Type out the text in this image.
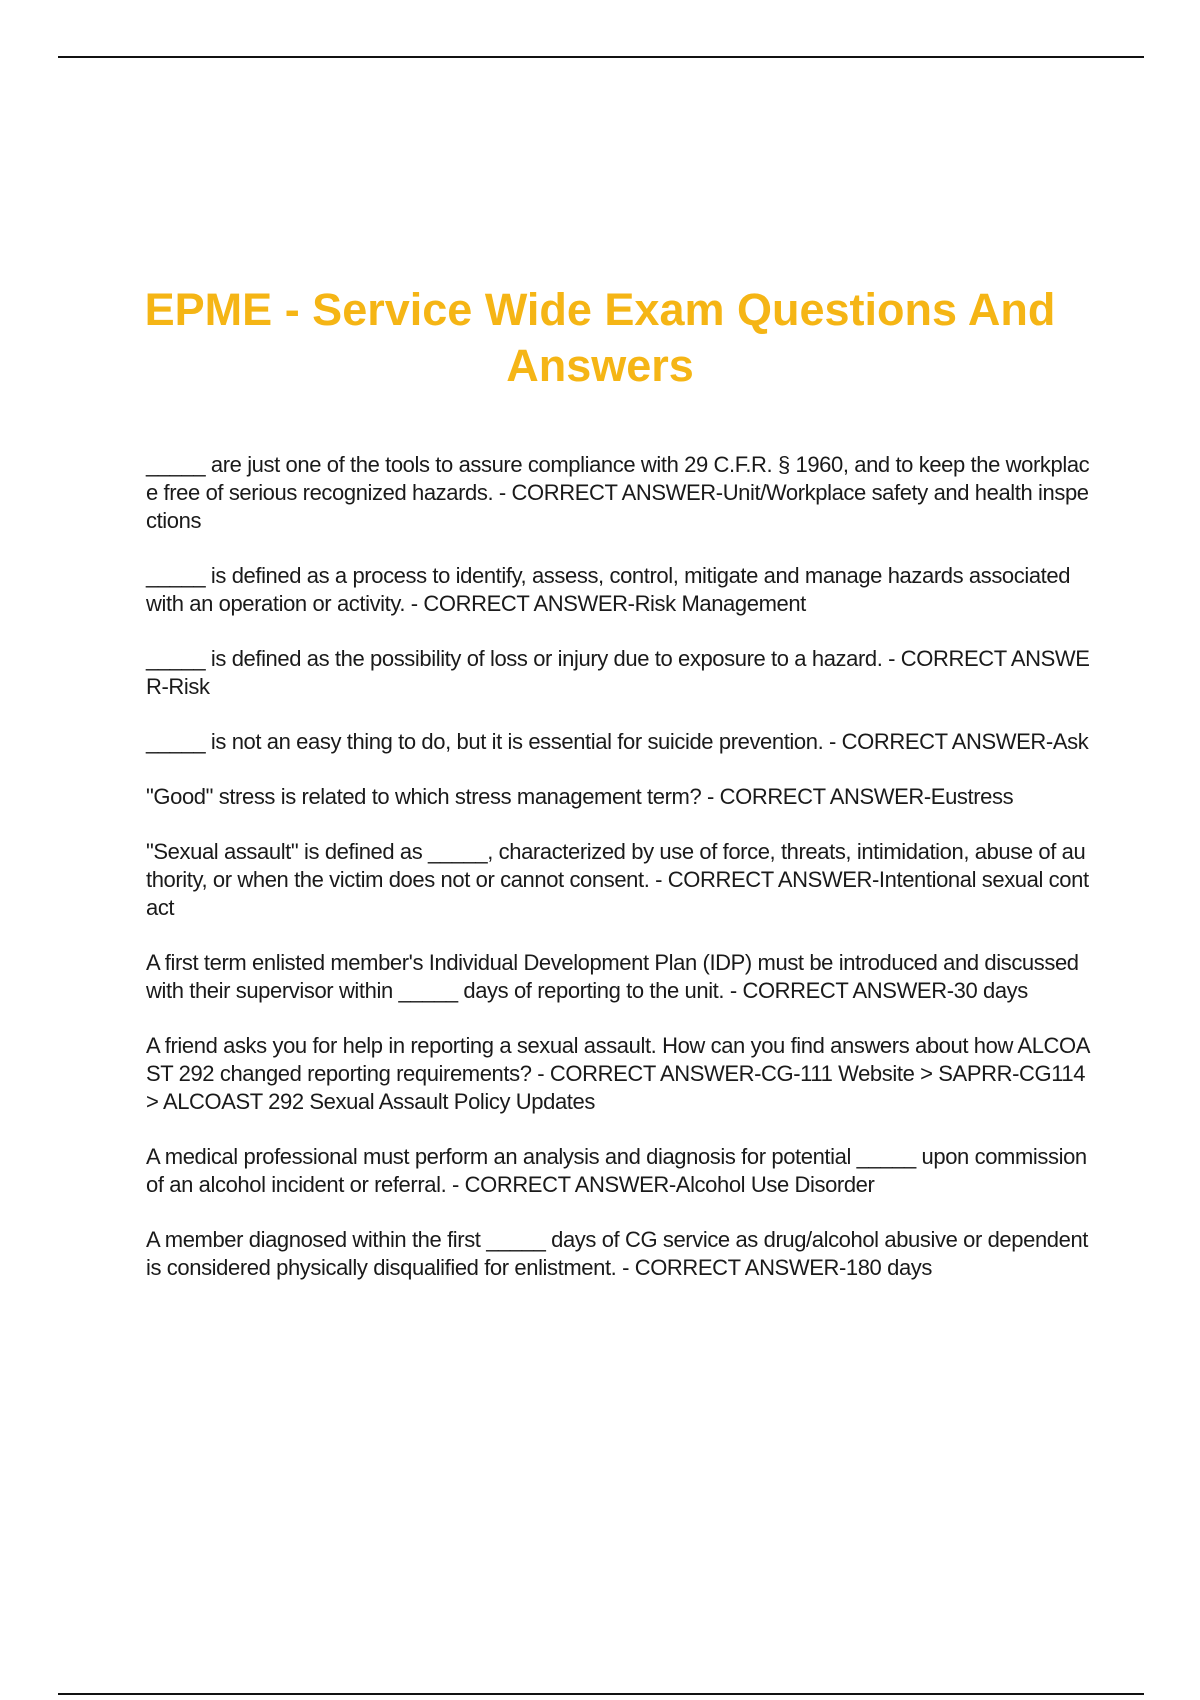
EPME - Service Wide Exam Questions And Answers

_____ are just one of the tools to assure compliance with 29 C.F.R. § 1960, and to keep the workplace free of serious recognized hazards. - CORRECT ANSWER-Unit/Workplace safety and health inspections

_____ is defined as a process to identify, assess, control, mitigate and manage hazards associated with an operation or activity. - CORRECT ANSWER-Risk Management

_____ is defined as the possibility of loss or injury due to exposure to a hazard. - CORRECT ANSWER-Risk

_____ is not an easy thing to do, but it is essential for suicide prevention. - CORRECT ANSWER-Ask

"Good" stress is related to which stress management term? - CORRECT ANSWER-Eustress

"Sexual assault" is defined as _____, characterized by use of force, threats, intimidation, abuse of authority, or when the victim does not or cannot consent. - CORRECT ANSWER-Intentional sexual contact

A first term enlisted member's Individual Development Plan (IDP) must be introduced and discussed with their supervisor within _____ days of reporting to the unit. - CORRECT ANSWER-30 days

A friend asks you for help in reporting a sexual assault. How can you find answers about how ALCOAST 292 changed reporting requirements? - CORRECT ANSWER-CG-111 Website > SAPRR-CG114 > ALCOAST 292 Sexual Assault Policy Updates

A medical professional must perform an analysis and diagnosis for potential _____ upon commission of an alcohol incident or referral. - CORRECT ANSWER-Alcohol Use Disorder

A member diagnosed within the first _____ days of CG service as drug/alcohol abusive or dependent is considered physically disqualified for enlistment. - CORRECT ANSWER-180 days
